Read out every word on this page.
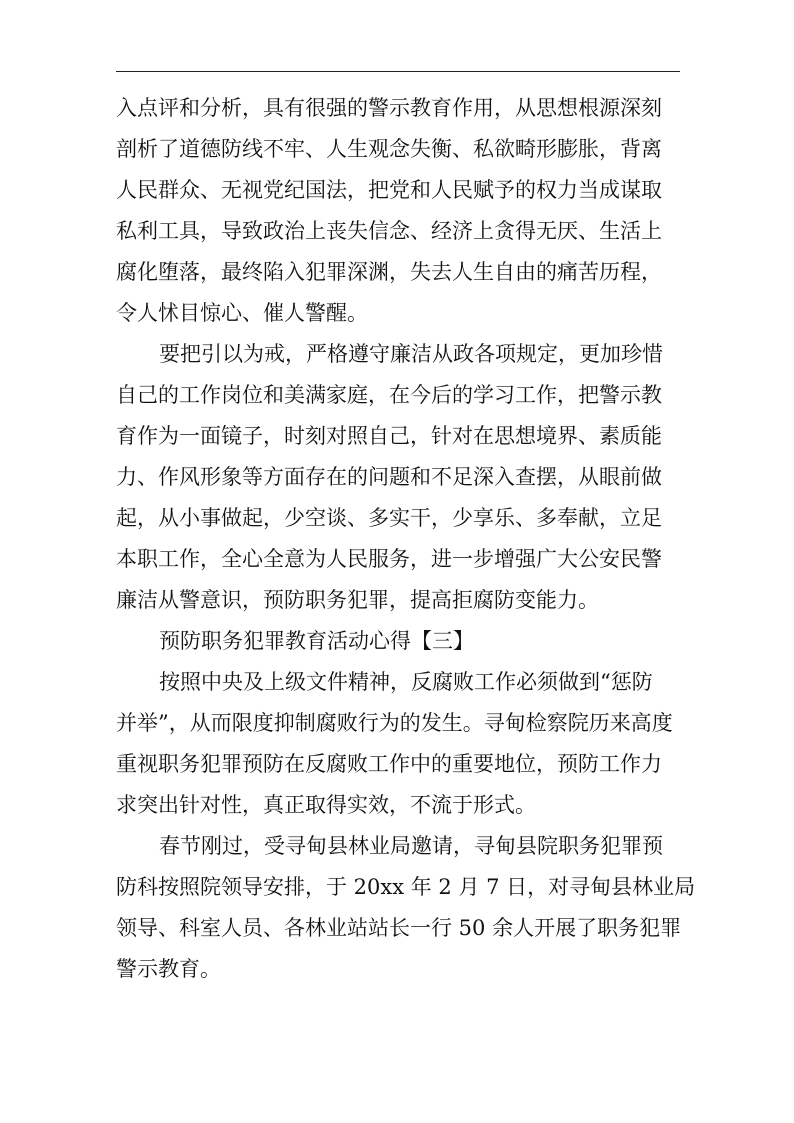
入点评和分析，具有很强的警示教育作用，从思想根源深刻
剖析了道德防线不牢、人生观念失衡、私欲畸形膨胀，背离
人民群众、无视党纪国法，把党和人民赋予的权力当成谋取
私利工具，导致政治上丧失信念、经济上贪得无厌、生活上
腐化堕落，最终陷入犯罪深渊，失去人生自由的痛苦历程，
令人怵目惊心、催人警醒。
要把引以为戒，严格遵守廉洁从政各项规定，更加珍惜
自己的工作岗位和美满家庭，在今后的学习工作，把警示教
育作为一面镜子，时刻对照自己，针对在思想境界、素质能
力、作风形象等方面存在的问题和不足深入查摆，从眼前做
起，从小事做起，少空谈、多实干，少享乐、多奉献，立足
本职工作，全心全意为人民服务，进一步增强广大公安民警
廉洁从警意识，预防职务犯罪，提高拒腐防变能力。
预防职务犯罪教育活动心得【三】
按照中央及上级文件精神，反腐败工作必须做到“惩防
并举”，从而限度抑制腐败行为的发生。寻甸检察院历来高度
重视职务犯罪预防在反腐败工作中的重要地位，预防工作力
求突出针对性，真正取得实效，不流于形式。
春节刚过，受寻甸县林业局邀请，寻甸县院职务犯罪预
防科按照院领导安排，于 20xx 年 2 月 7 日，对寻甸县林业局
领导、科室人员、各林业站站长一行 50 余人开展了职务犯罪
警示教育。
